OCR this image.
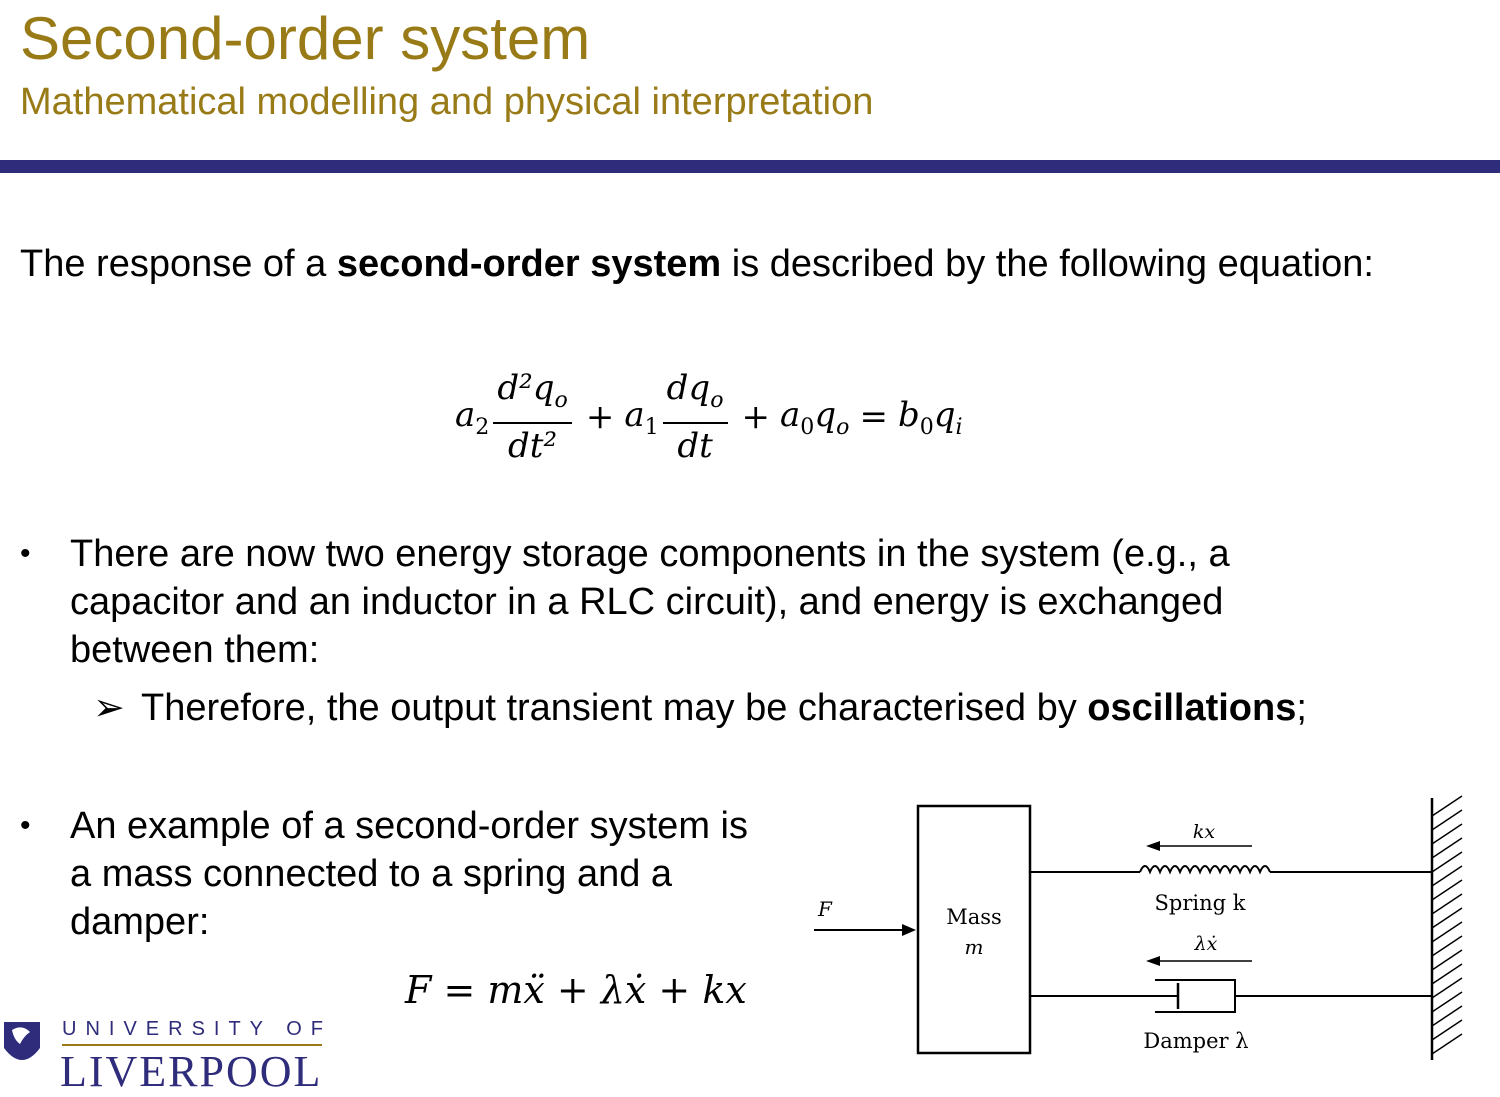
Second-order system
Mathematical modelling and physical interpretation
The response of a second-order system is described by the following equation:
$a_2 \frac{d^2q_o}{\text{dt²}} + a_1 \frac{dq_o}{dt} + a_0q_o = b_0q_i$
• There are now two energy storage components in the system (e.g., a capacitor and an inductor in a RLC circuit), and energy is exchanged between them:
➢ Therefore, the output transient may be characterised by oscillations;
• An example of a second-order system is a mass connected to a spring and a damper:
F = mẍ + λẋ + kx
F	Mass
m
kx
Spring k
λẋ
Damper λ
UNIVERSITY OF
LIVERPOOL
